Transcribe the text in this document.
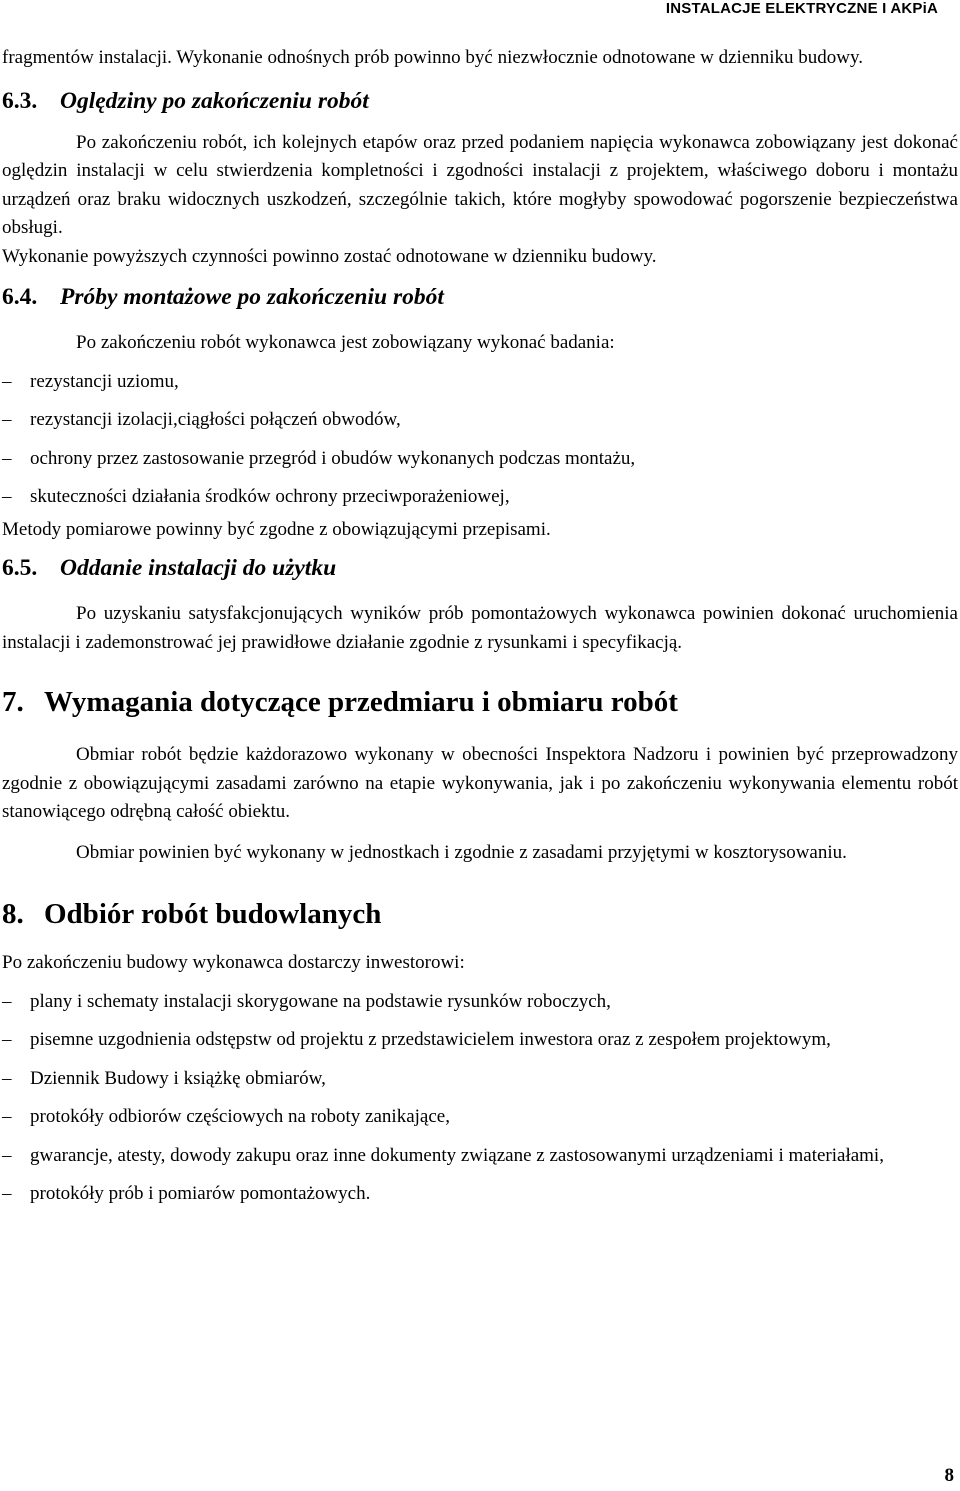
INSTALACJE ELEKTRYCZNE I AKPiA

fragmentów instalacji. Wykonanie odnośnych prób powinno być niezwłocznie odnotowane w dzienniku budowy.

6.3. Oględziny po zakończeniu robót

Po zakończeniu robót, ich kolejnych etapów oraz przed podaniem napięcia wykonawca zobowiązany jest dokonać oględzin instalacji w celu stwierdzenia kompletności i zgodności instalacji z projektem, właściwego doboru i montażu urządzeń oraz braku widocznych uszkodzeń, szczególnie takich, które mogłyby spowodować pogorszenie bezpieczeństwa obsługi.

Wykonanie powyższych czynności powinno zostać odnotowane w dzienniku budowy.

6.4. Próby montażowe po zakończeniu robót

Po zakończeniu robót wykonawca jest zobowiązany wykonać badania:

– rezystancji uziomu,
– rezystancji izolacji,ciągłości połączeń obwodów,
– ochrony przez zastosowanie przegród i obudów wykonanych podczas montażu,
– skuteczności działania środków ochrony przeciwporażeniowej,

Metody pomiarowe powinny być zgodne z obowiązującymi przepisami.

6.5. Oddanie instalacji do użytku

Po uzyskaniu satysfakcjonujących wyników prób pomontażowych wykonawca powinien dokonać uruchomienia instalacji i zademonstrować jej prawidłowe działanie zgodnie z rysunkami i specyfikacją.

7. Wymagania dotyczące przedmiaru i obmiaru robót

Obmiar robót będzie każdorazowo wykonany w obecności Inspektora Nadzoru i powinien być przeprowadzony zgodnie z obowiązującymi zasadami zarówno na etapie wykonywania, jak i po zakończeniu wykonywania elementu robót stanowiącego odrębną całość obiektu.

Obmiar powinien być wykonany w jednostkach i zgodnie z zasadami przyjętymi w kosztorysowaniu.

8. Odbiór robót budowlanych

Po zakończeniu budowy wykonawca dostarczy inwestorowi:

– plany i schematy instalacji skorygowane na podstawie rysunków roboczych,
– pisemne uzgodnienia odstępstw od projektu z przedstawicielem inwestora oraz z zespołem projektowym,
– Dziennik Budowy i książkę obmiarów,
– protokóły odbiorów częściowych na roboty zanikające,
– gwarancje, atesty, dowody zakupu oraz inne dokumenty związane z zastosowanymi urządzeniami i materiałami,
– protokóły prób i pomiarów pomontażowych.
8
